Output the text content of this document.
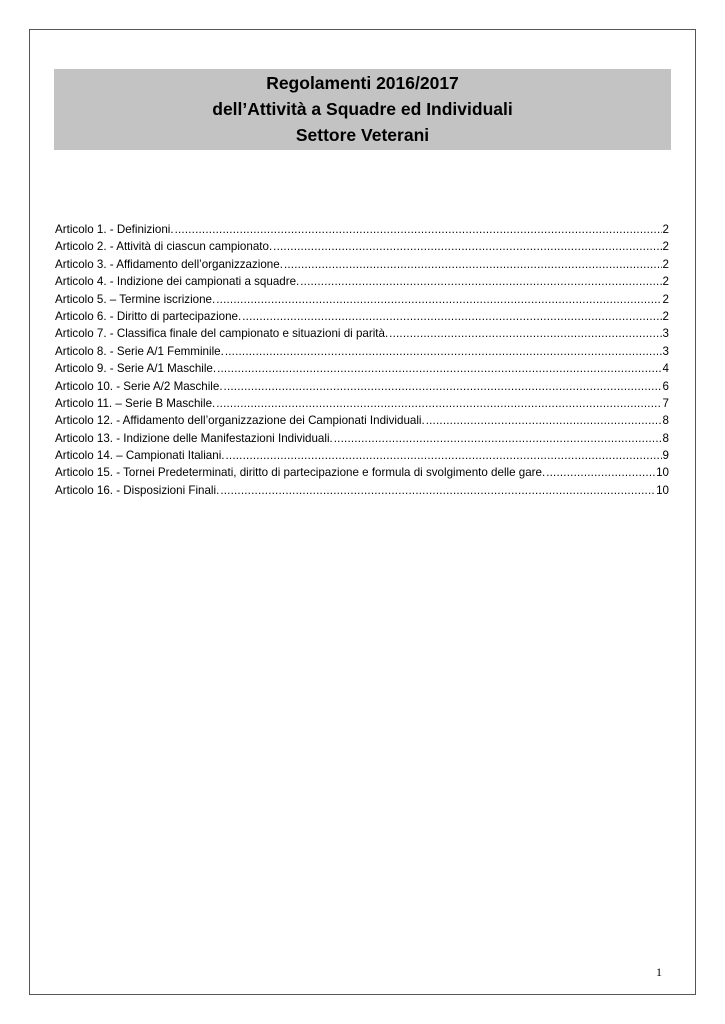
Regolamenti 2016/2017
dell’Attività a Squadre ed Individuali
Settore Veterani
Articolo 1. - Definizioni. .....	2
Articolo 2. - Attività di ciascun campionato. .....	2
Articolo 3. - Affidamento dell’organizzazione. .....	2
Articolo 4. - Indizione dei campionati a squadre. .....	2
Articolo 5. – Termine iscrizione. .....	2
Articolo 6. - Diritto di partecipazione. .....	2
Articolo 7. - Classifica finale del campionato e situazioni di parità. .....	3
Articolo 8. - Serie A/1 Femminile. .....	3
Articolo 9. - Serie A/1 Maschile. .....	4
Articolo 10. - Serie A/2 Maschile. .....	6
Articolo 11. – Serie B Maschile. .....	7
Articolo 12. - Affidamento dell’organizzazione dei Campionati Individuali. .....	8
Articolo 13. - Indizione delle Manifestazioni Individuali. .....	8
Articolo 14. – Campionati Italiani. .....	9
Articolo 15. - Tornei Predeterminati, diritto di partecipazione e formula di svolgimento delle gare. .....	10
Articolo 16. - Disposizioni Finali. .....	10
1
